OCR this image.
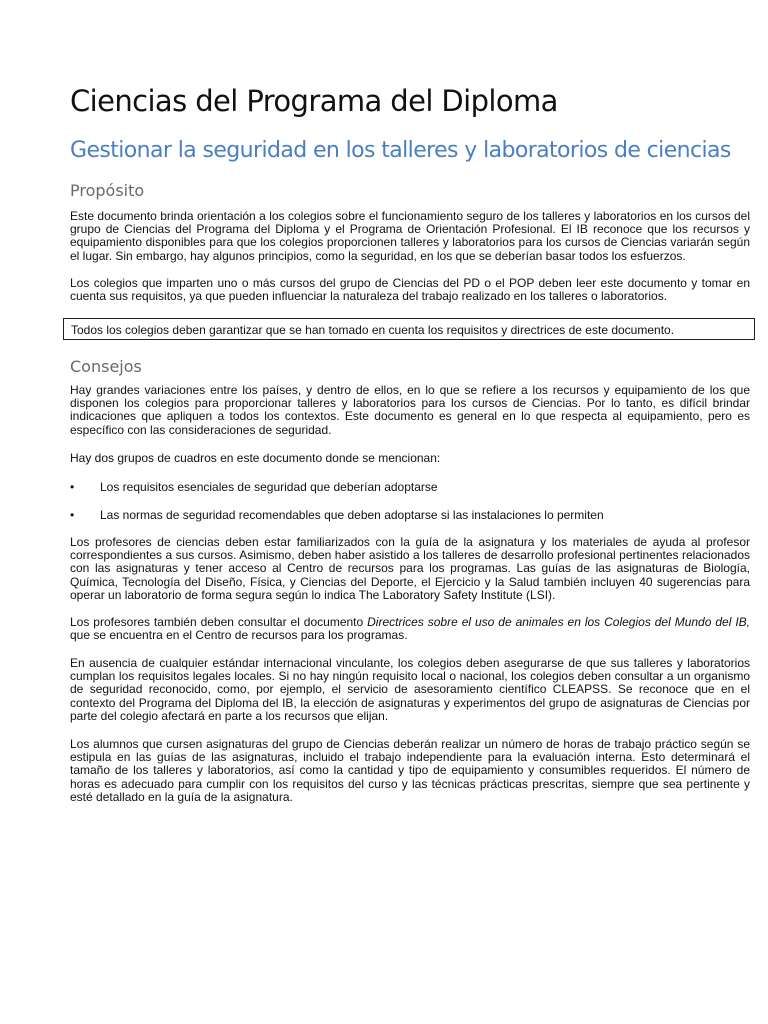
Ciencias del Programa del Diploma
Gestionar la seguridad en los talleres y laboratorios de ciencias
Propósito

Este documento brinda orientación a los colegios sobre el funcionamiento seguro de los talleres y laboratorios en los cursos del grupo de Ciencias del Programa del Diploma y el Programa de Orientación Profesional. El IB reconoce que los recursos y equipamiento disponibles para que los colegios proporcionen talleres y laboratorios para los cursos de Ciencias variarán según el lugar. Sin embargo, hay algunos principios, como la seguridad, en los que se deberían basar todos los esfuerzos.

Los colegios que imparten uno o más cursos del grupo de Ciencias del PD o el POP deben leer este documento y tomar en cuenta sus requisitos, ya que pueden influenciar la naturaleza del trabajo realizado en los talleres o laboratorios.

Todos los colegios deben garantizar que se han tomado en cuenta los requisitos y directrices de este documento.
Consejos

Hay grandes variaciones entre los países, y dentro de ellos, en lo que se refiere a los recursos y equipamiento de los que disponen los colegios para proporcionar talleres y laboratorios para los cursos de Ciencias. Por lo tanto, es difícil brindar indicaciones que apliquen a todos los contextos. Este documento es general en lo que respecta al equipamiento, pero es específico con las consideraciones de seguridad.

Hay dos grupos de cuadros en este documento donde se mencionan:

• Los requisitos esenciales de seguridad que deberían adoptarse
• Las normas de seguridad recomendables que deben adoptarse si las instalaciones lo permiten

Los profesores de ciencias deben estar familiarizados con la guía de la asignatura y los materiales de ayuda al profesor correspondientes a sus cursos. Asimismo, deben haber asistido a los talleres de desarrollo profesional pertinentes relacionados con las asignaturas y tener acceso al Centro de recursos para los programas. Las guías de las asignaturas de Biología, Química, Tecnología del Diseño, Física, y Ciencias del Deporte, el Ejercicio y la Salud también incluyen 40 sugerencias para operar un laboratorio de forma segura según lo indica The Laboratory Safety Institute (LSI).

Los profesores también deben consultar el documento Directrices sobre el uso de animales en los Colegios del Mundo del IB, que se encuentra en el Centro de recursos para los programas.

En ausencia de cualquier estándar internacional vinculante, los colegios deben asegurarse de que sus talleres y laboratorios cumplan los requisitos legales locales. Si no hay ningún requisito local o nacional, los colegios deben consultar a un organismo de seguridad reconocido, como, por ejemplo, el servicio de asesoramiento científico CLEAPSS. Se reconoce que en el contexto del Programa del Diploma del IB, la elección de asignaturas y experimentos del grupo de asignaturas de Ciencias por parte del colegio afectará en parte a los recursos que elijan.

Los alumnos que cursen asignaturas del grupo de Ciencias deberán realizar un número de horas de trabajo práctico según se estipula en las guías de las asignaturas, incluido el trabajo independiente para la evaluación interna. Esto determinará el tamaño de los talleres y laboratorios, así como la cantidad y tipo de equipamiento y consumibles requeridos. El número de horas es adecuado para cumplir con los requisitos del curso y las técnicas prácticas prescritas, siempre que sea pertinente y esté detallado en la guía de la asignatura.
